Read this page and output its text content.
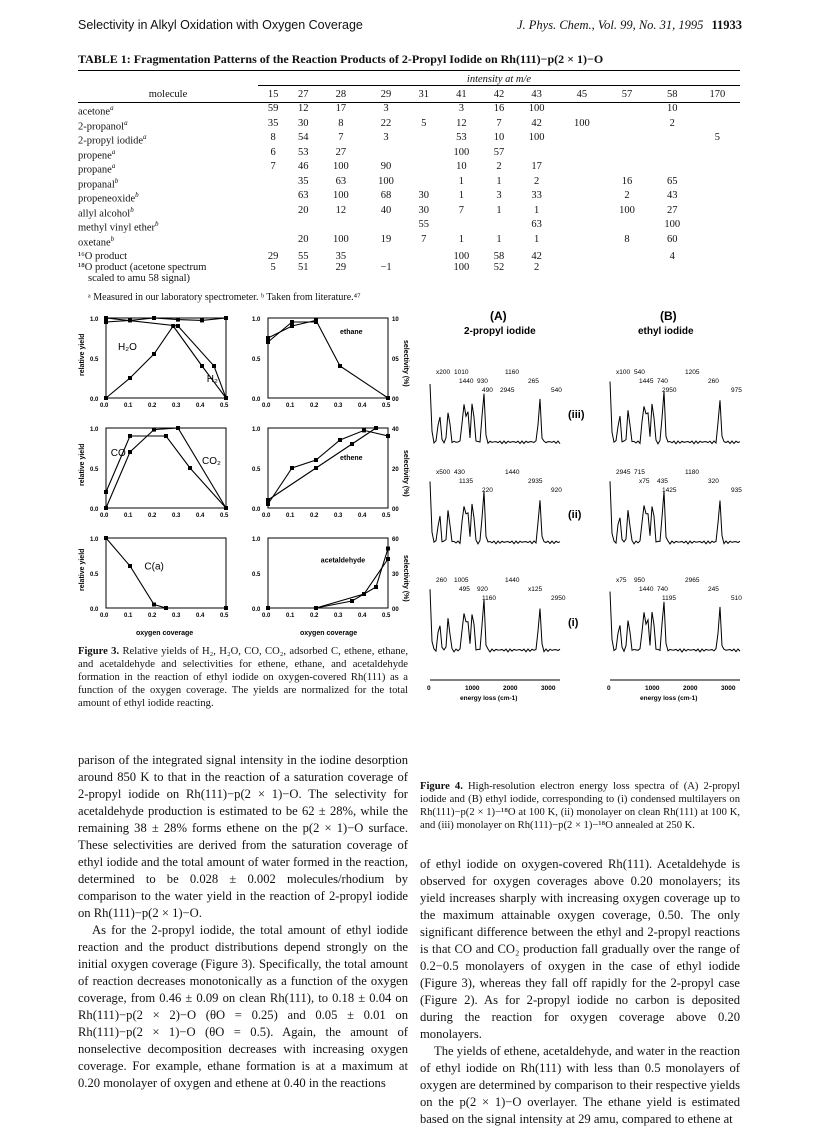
Selectivity in Alkyl Oxidation with Oxygen Coverage	J. Phys. Chem., Vol. 99, No. 31, 1995 11933
TABLE 1: Fragmentation Patterns of the Reaction Products of 2-Propyl Iodide on Rh(111)−p(2 × 1)−O
	intensity at m/e											
molecule	15	27	28	29	31	41	42	43	45	57	58	170
acetone$^a$	59	12	17	3		3	16	100			10	
2-propanol$^a$	35	30	8	22	5	12	7	42	100		2	
2-propyl iodide$^a$	8	54	7	3		53	10	100				5
propene$^a$	6	53	27			100	57					
propane$^a$	7	46	100	90		10	2	17				
propanal$^b$		35	63	100		1	1	2		16	65	
propeneoxide$^b$		63	100	68	30	1	3	33		2	43	
allyl alcohol$^b$		20	12	40	30	7	1	1		100	27	
methyl vinyl ether$^b$					55			63			100	
oxetane$^b$		20	100	19	7	1	1	1		8	60	
¹⁶O product	29	55	35			100	58	42			4	
¹⁸O product (acetone spectrum	5	51	29	−1		100	52	2				
scaled to amu 58 signal)												
ᵃ Measured in our laboratory spectrometer. ᵇ Taken from literature.⁴⁷
H₂O
H₂
0.0	0.1	0.2	0.3	0.4	0.5
0.0
0.5
1.0
CO
CO₂
0.0	0.1	0.2	0.3	0.4	0.5
0.0
0.5
1.0
C(a)
0.0	0.1	0.2	0.3	0.4	0.5
0.0
0.5
1.0
ethane
0.0	0.1	0.2	0.3	0.4	0.5
0.0
0.5
1.0
00
05
10
ethene
0.0	0.1	0.2	0.3	0.4	0.5
0.0
0.5
1.0
00
20
40
acetaldehyde
0.0	0.1	0.2	0.3	0.4	0.5
0.0
0.5
1.0
00
30
60
relative yield
relative yield
relative yield
selectivity (%)
selectivity (%)
selectivity (%)
oxygen coverage	oxygen coverage
Figure 3. Relative yields of H₂, H₂O, CO, CO₂, adsorbed C, ethene, ethane, and acetaldehyde and selectivities for ethene, ethane, and acetaldehyde formation in the reaction of ethyl iodide on oxygen-covered Rh(111) as a function of the oxygen coverage. The yields are normalized for the total amount of ethyl iodide reacting.
(A)
2-propyl iodide
(B)
ethyl iodide
x200
1440
490
1160
265
540
1010
930
2945
x100
1445
2950
1205
260
975
540
740
(iii)
x500
1135
220
1440
2935
920
430	2945
x75
1425
1180
320
935
715
435
(ii)
260
495
1160
1440
x125
2950
1005
920
x75
1440
1195
2965
245
510
950
740
(i)
0	1000	2000	3000
energy loss (cm-1)
0	1000	2000	3000
energy loss (cm-1)
Figure 4. High-resolution electron energy loss spectra of (A) 2-propyl iodide and (B) ethyl iodide, corresponding to (i) condensed multilayers on Rh(111)−p(2 × 1)−¹⁸O at 100 K, (ii) monolayer on clean Rh(111) at 100 K, and (iii) monolayer on Rh(111)−p(2 × 1)−¹⁸O annealed at 250 K.
parison of the integrated signal intensity in the iodine desorption around 850 K to that in the reaction of a saturation coverage of 2-propyl iodide on Rh(111)−p(2 × 1)−O. The selectivity for acetaldehyde production is estimated to be 62 ± 28%, while the remaining 38 ± 28% forms ethene on the p(2 × 1)−O surface. These selectivities are derived from the saturation coverage of ethyl iodide and the total amount of water formed in the reaction, determined to be 0.028 ± 0.002 molecules/rhodium by comparison to the water yield in the reaction of 2-propyl iodide on Rh(111)−p(2 × 1)−O.
As for the 2-propyl iodide, the total amount of ethyl iodide reaction and the product distributions depend strongly on the initial oxygen coverage (Figure 3). Specifically, the total amount of reaction decreases monotonically as a function of the oxygen coverage, from 0.46 ± 0.09 on clean Rh(111), to 0.18 ± 0.04 on Rh(111)−p(2 × 2)−O (θO = 0.25) and 0.05 ± 0.01 on Rh(111)−p(2 × 1)−O (θO = 0.5). Again, the amount of nonselective decomposition decreases with increasing oxygen coverage. For example, ethane formation is at a maximum at 0.20 monolayer of oxygen and ethene at 0.40 in the reactions
of ethyl iodide on oxygen-covered Rh(111). Acetaldehyde is observed for oxygen coverages above 0.20 monolayers; its yield increases sharply with increasing oxygen coverage up to the maximum attainable oxygen coverage, 0.50. The only significant difference between the ethyl and 2-propyl reactions is that CO and CO₂ production fall gradually over the range of 0.2−0.5 monolayers of oxygen in the case of ethyl iodide (Figure 3), whereas they fall off rapidly for the 2-propyl case (Figure 2). As for 2-propyl iodide no carbon is deposited during the reaction for oxygen coverage above 0.20 monolayers.
The yields of ethene, acetaldehyde, and water in the reaction of ethyl iodide on Rh(111) with less than 0.5 monolayers of oxygen are determined by comparison to their respective yields on the p(2 × 1)−O overlayer. The ethane yield is estimated based on the signal intensity at 29 amu, compared to ethene at
